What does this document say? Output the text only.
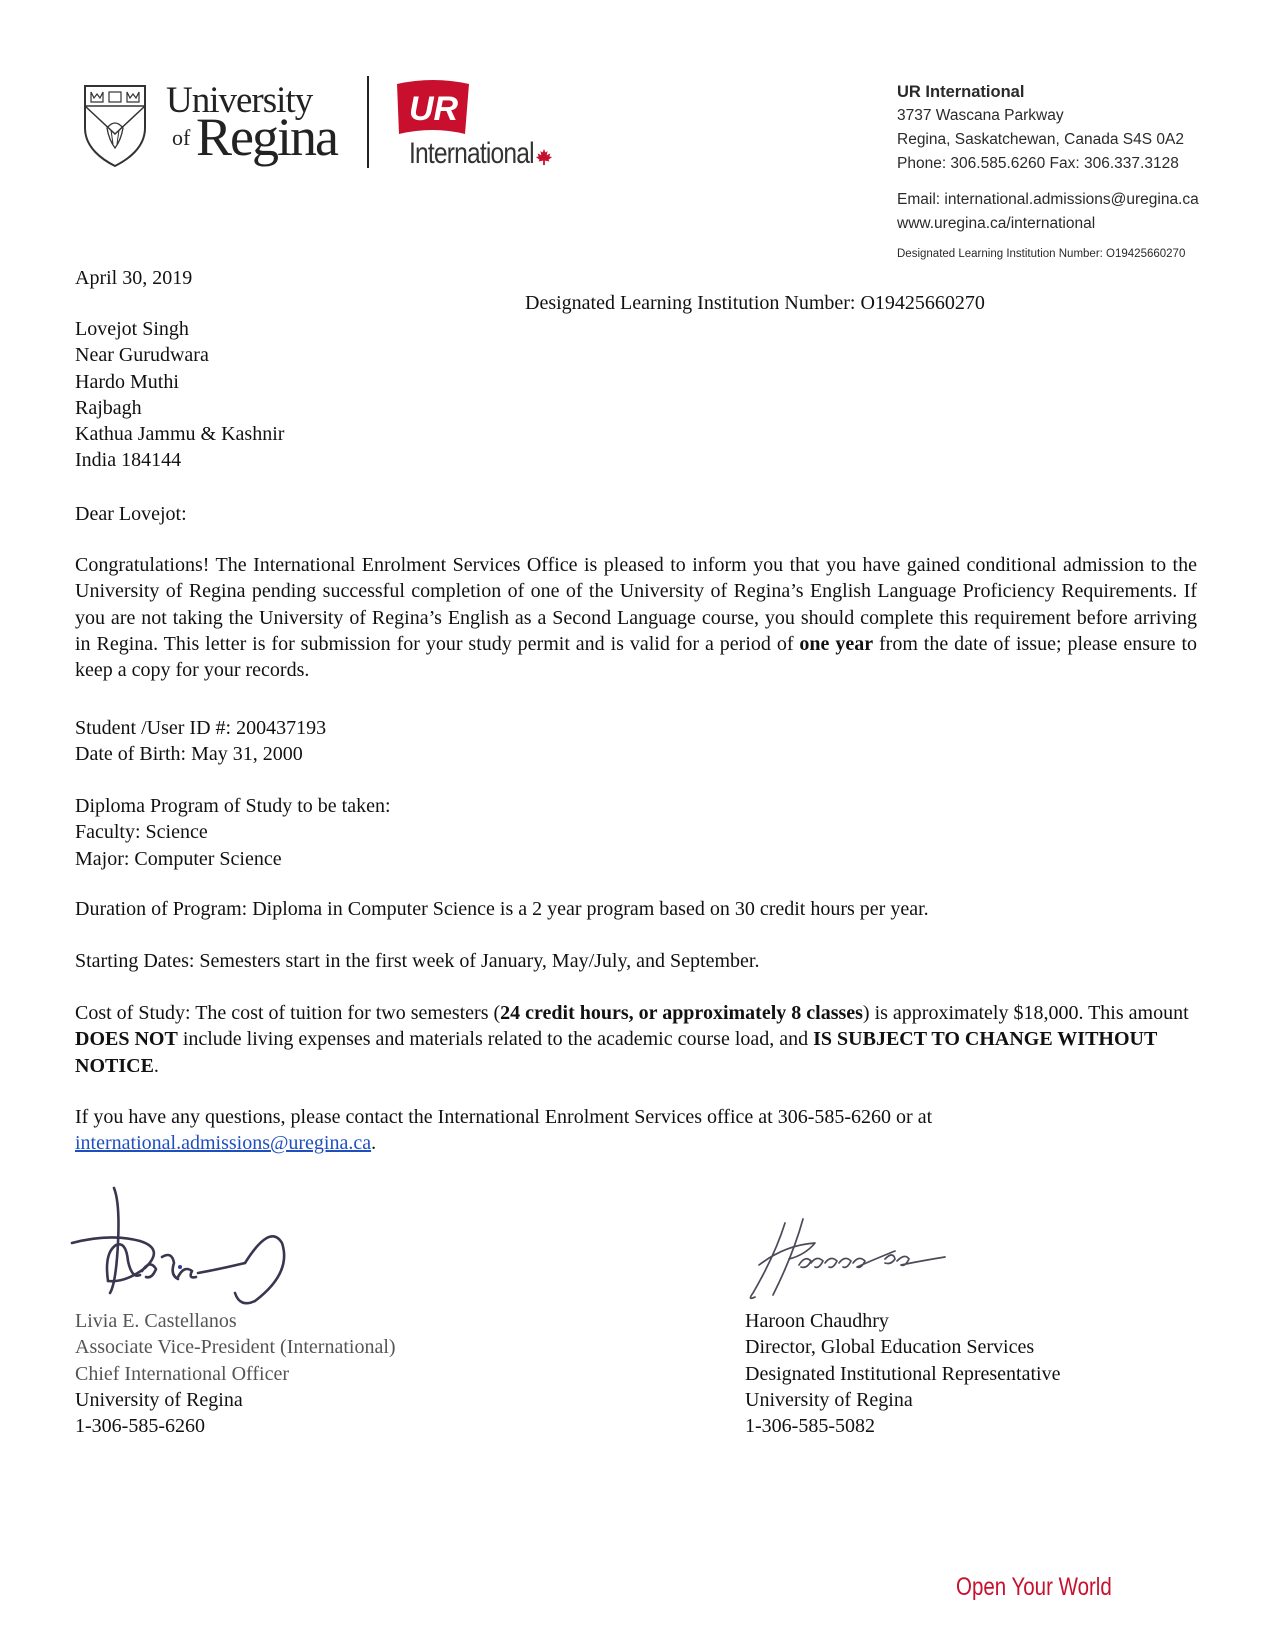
University
of Regina UR
International
UR International
3737 Wascana Parkway
Regina, Saskatchewan, Canada S4S 0A2
Phone: 306.585.6260 Fax: 306.337.3128
Email: international.admissions@uregina.ca
www.uregina.ca/international
Designated Learning Institution Number: O19425660270
April 30, 2019
Designated Learning Institution Number: O19425660270
Lovejot Singh
Near Gurudwara
Hardo Muthi
Rajbagh
Kathua Jammu & Kashnir
India 184144
Dear Lovejot:
Congratulations! The International Enrolment Services Office is pleased to inform you that you have gained conditional admission to the University of Regina pending successful completion of one of the University of Regina’s English Language Proficiency Requirements. If you are not taking the University of Regina’s English as a Second Language course, you should complete this requirement before arriving in Regina. This letter is for submission for your study permit and is valid for a period of one year from the date of issue; please ensure to keep a copy for your records.
Student /User ID #: 200437193
Date of Birth: May 31, 2000
Diploma Program of Study to be taken:
Faculty: Science
Major: Computer Science
Duration of Program: Diploma in Computer Science is a 2 year program based on 30 credit hours per year.
Starting Dates: Semesters start in the first week of January, May/July, and September.
Cost of Study: The cost of tuition for two semesters (24 credit hours, or approximately 8 classes) is approximately $18,000. This amount DOES NOT include living expenses and materials related to the academic course load, and IS SUBJECT TO CHANGE WITHOUT NOTICE.
If you have any questions, please contact the International Enrolment Services office at 306-585-6260 or at international.admissions@uregina.ca.
Livia E. Castellanos
Associate Vice-President (International)
Chief International Officer
University of Regina
1-306-585-6260
Haroon Chaudhry
Director, Global Education Services
Designated Institutional Representative
University of Regina
1-306-585-5082
Open Your World
